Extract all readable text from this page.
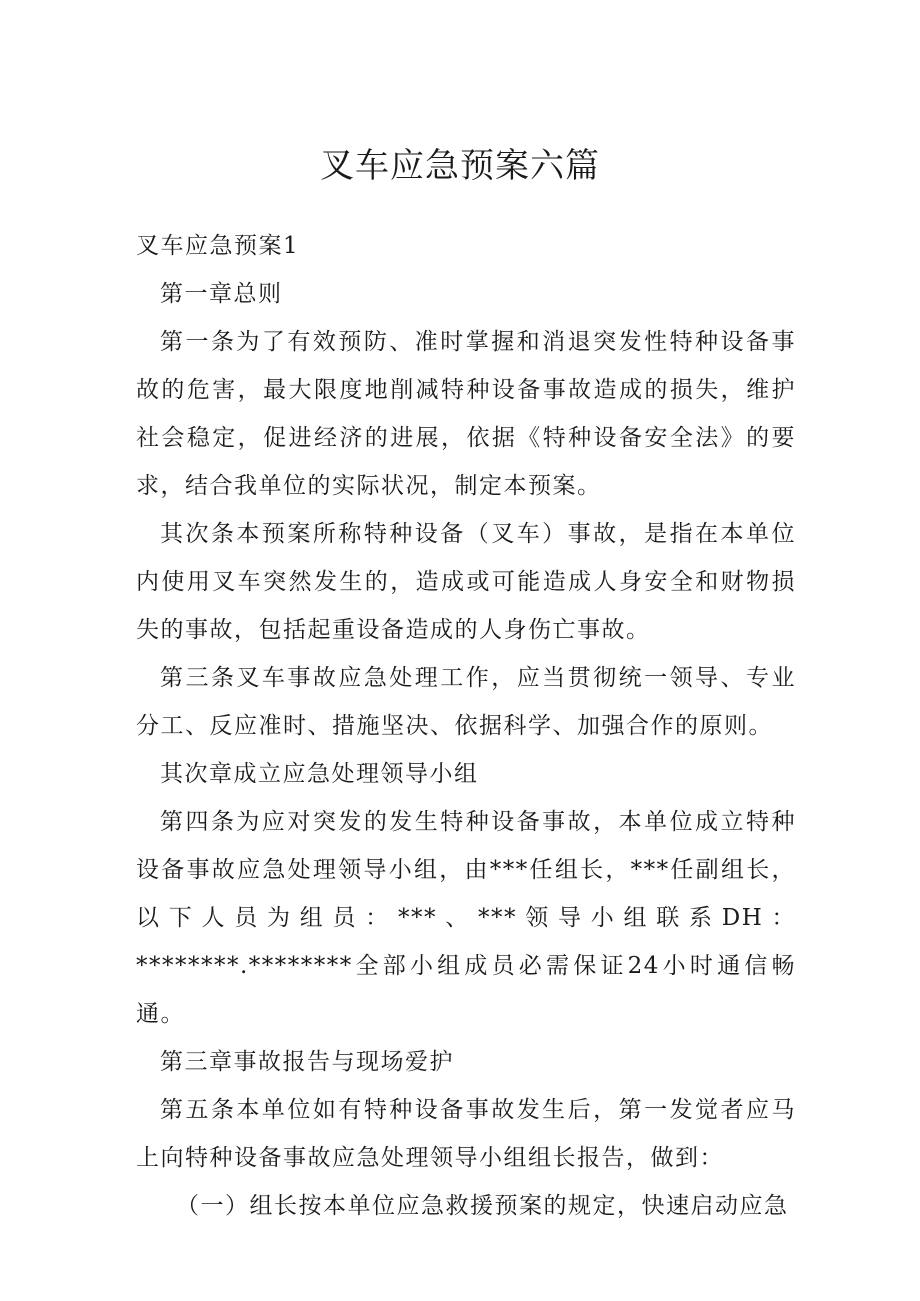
叉车应急预案六篇

叉车应急预案1

第一章总则

第一条为了有效预防、准时掌握和消退突发性特种设备事故的危害，最大限度地削减特种设备事故造成的损失，维护社会稳定，促进经济的进展，依据《特种设备安全法》的要求，结合我单位的实际状况，制定本预案。

其次条本预案所称特种设备（叉车）事故，是指在本单位内使用叉车突然发生的，造成或可能造成人身安全和财物损失的事故，包括起重设备造成的人身伤亡事故。

第三条叉车事故应急处理工作，应当贯彻统一领导、专业分工、反应准时、措施坚决、依据科学、加强合作的原则。

其次章成立应急处理领导小组

第四条为应对突发的发生特种设备事故，本单位成立特种设备事故应急处理领导小组，由***任组长，***任副组长，以下人员为组员：***、***领导小组联系DH：********.********全部小组成员必需保证24小时通信畅通。

第三章事故报告与现场爱护

第五条本单位如有特种设备事故发生后，第一发觉者应马上向特种设备事故应急处理领导小组组长报告，做到：

（一）组长按本单位应急救援预案的规定，快速启动应急
